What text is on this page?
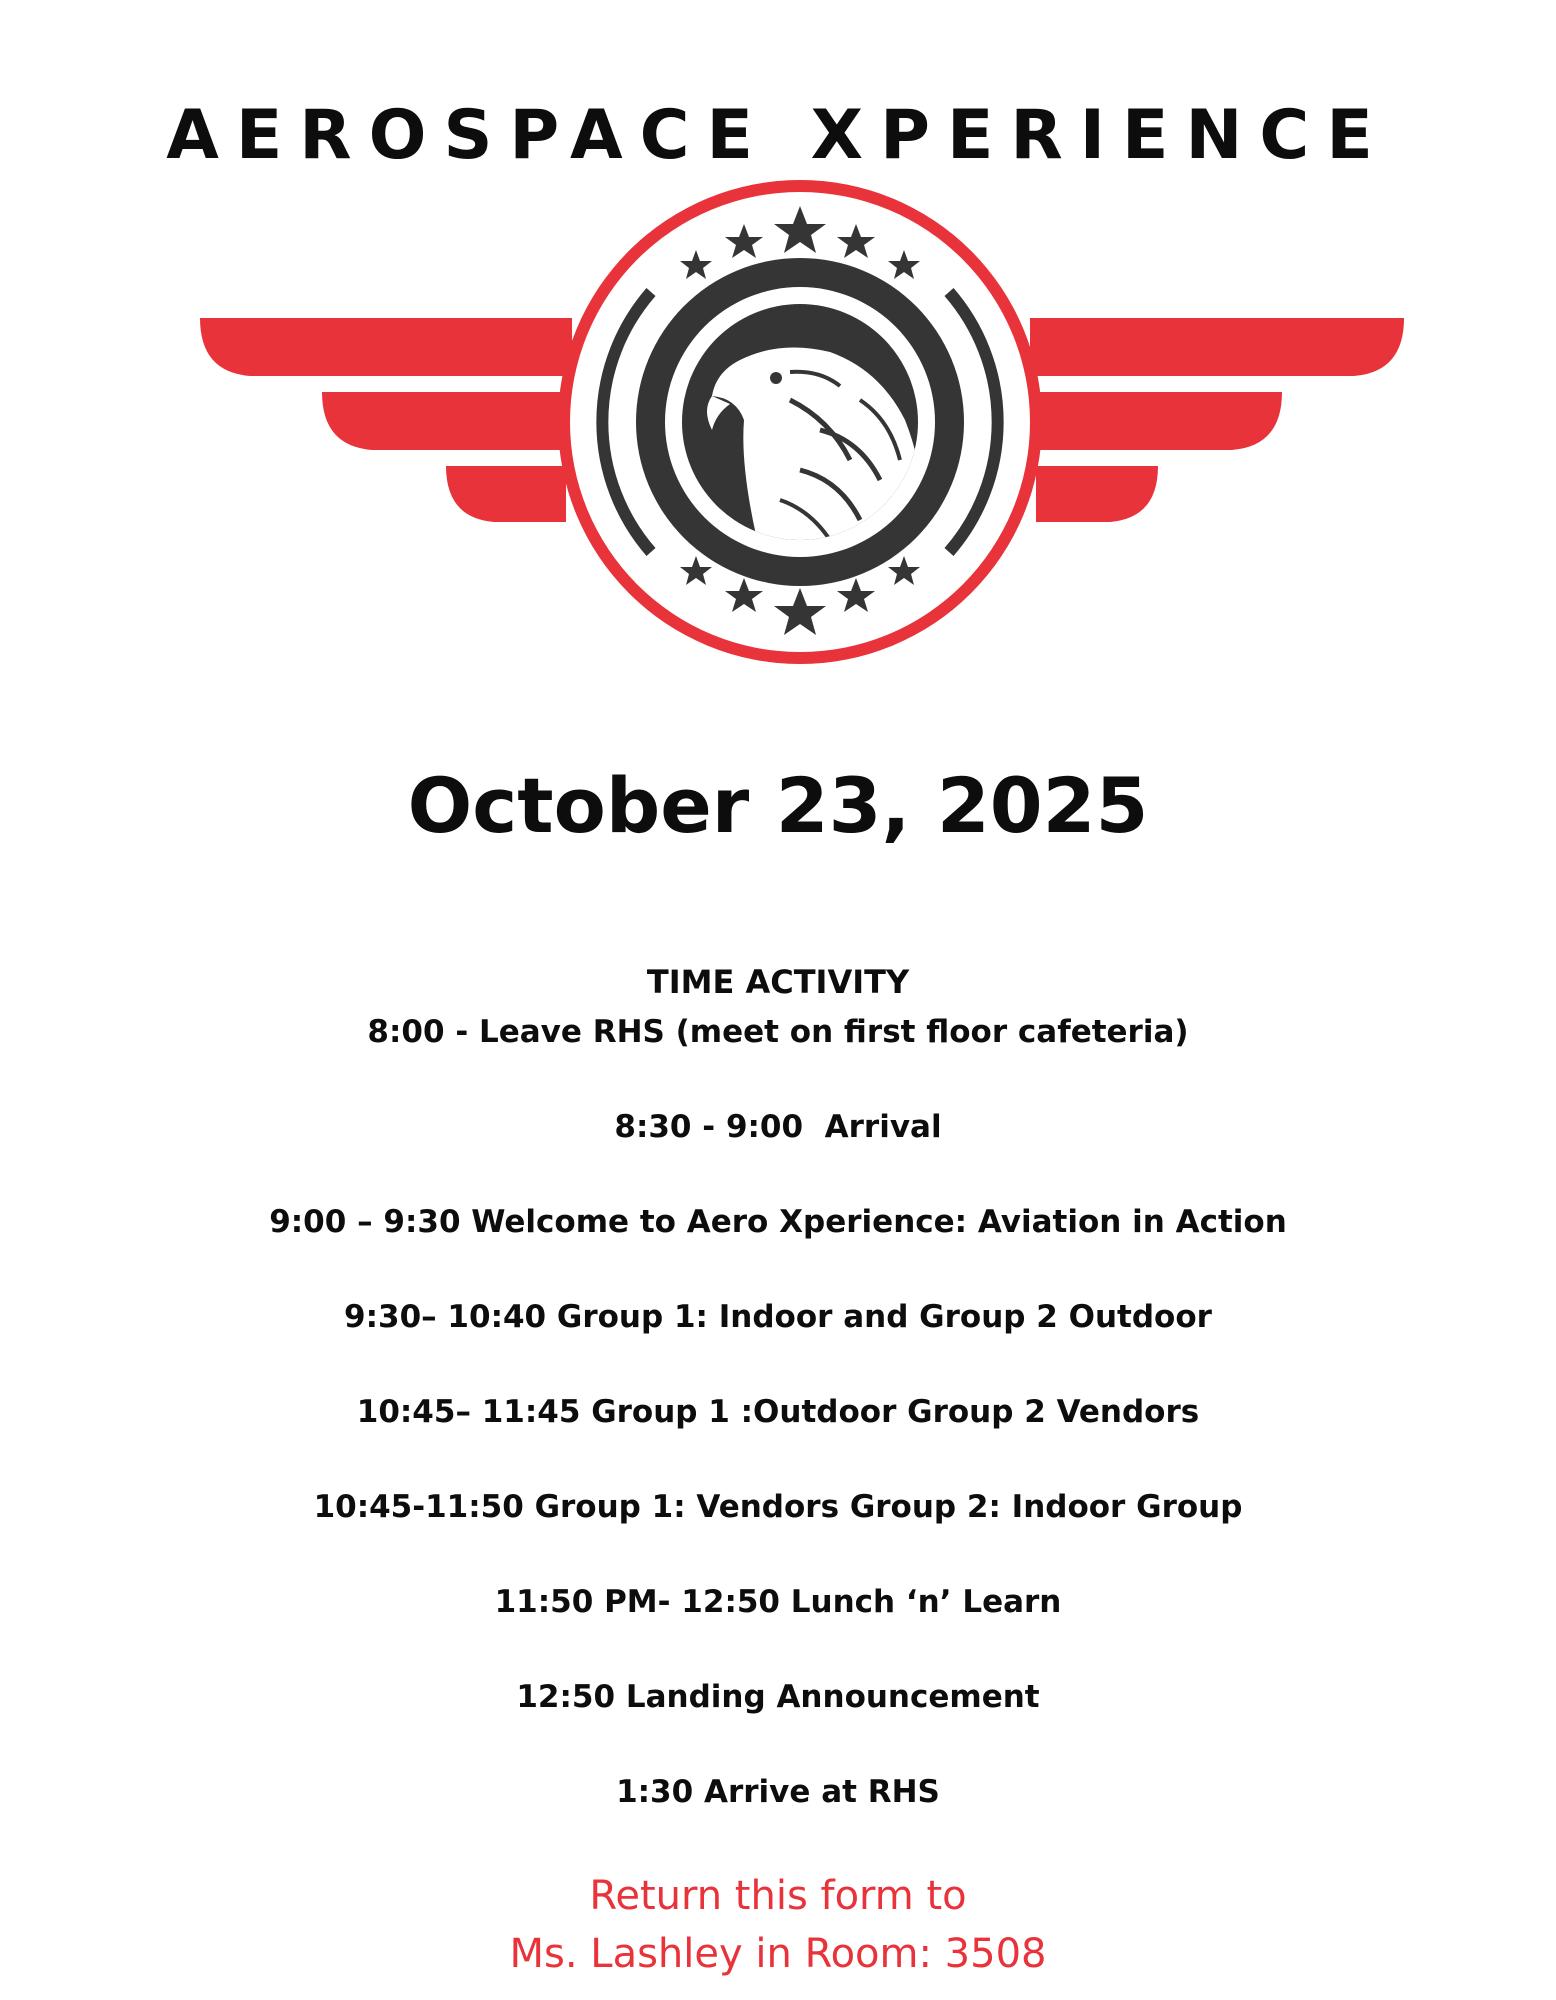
AEROSPACE XPERIENCE
October 23, 2025
TIME ACTIVITY
8:00 - Leave RHS (meet on first floor cafeteria)
8:30 - 9:00  Arrival
9:00 – 9:30 Welcome to Aero Xperience: Aviation in Action
9:30– 10:40 Group 1: Indoor and Group 2 Outdoor
10:45– 11:45 Group 1 :Outdoor Group 2 Vendors
10:45-11:50 Group 1: Vendors Group 2: Indoor Group
11:50 PM- 12:50 Lunch ‘n’ Learn
12:50 Landing Announcement
1:30 Arrive at RHS
Return this form to
Ms. Lashley in Room: 3508
